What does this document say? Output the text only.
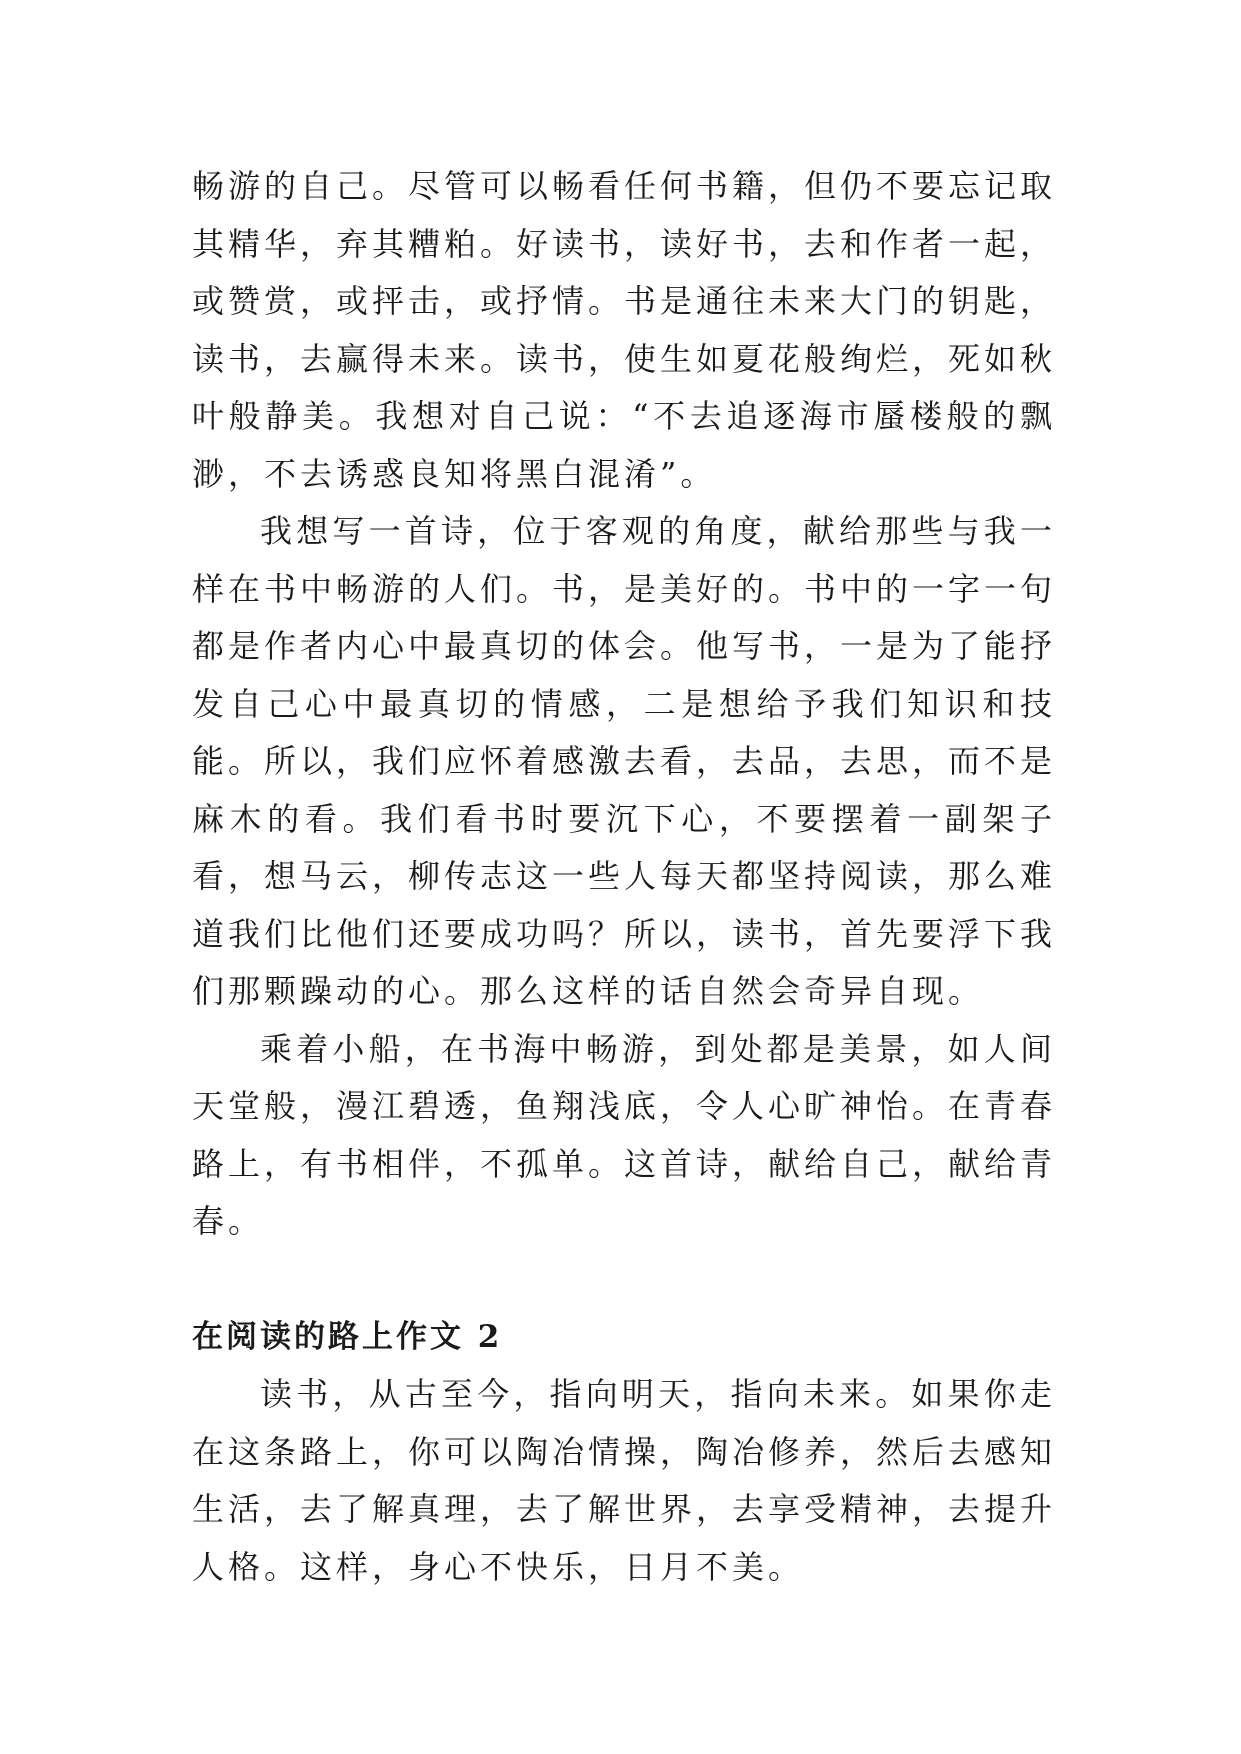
畅游的自己。尽管可以畅看任何书籍，但仍不要忘记取其精华，弃其糟粕。好读书，读好书，去和作者一起，或赞赏，或抨击，或抒情。书是通往未来大门的钥匙，读书，去赢得未来。读书，使生如夏花般绚烂，死如秋叶般静美。我想对自己说：“不去追逐海市蜃楼般的飘渺，不去诱惑良知将黑白混淆”。

我想写一首诗，位于客观的角度，献给那些与我一样在书中畅游的人们。书，是美好的。书中的一字一句都是作者内心中最真切的体会。他写书，一是为了能抒发自己心中最真切的情感，二是想给予我们知识和技能。所以，我们应怀着感激去看，去品，去思，而不是麻木的看。我们看书时要沉下心，不要摆着一副架子看，想马云，柳传志这一些人每天都坚持阅读，那么难道我们比他们还要成功吗？所以，读书，首先要浮下我们那颗躁动的心。那么这样的话自然会奇异自现。

乘着小船，在书海中畅游，到处都是美景，如人间天堂般，漫江碧透，鱼翔浅底，令人心旷神怡。在青春路上，有书相伴，不孤单。这首诗，献给自己，献给青春。

在阅读的路上作文 2

读书，从古至今，指向明天，指向未来。如果你走在这条路上，你可以陶冶情操，陶冶修养，然后去感知生活，去了解真理，去了解世界，去享受精神，去提升人格。这样，身心不快乐，日月不美。
